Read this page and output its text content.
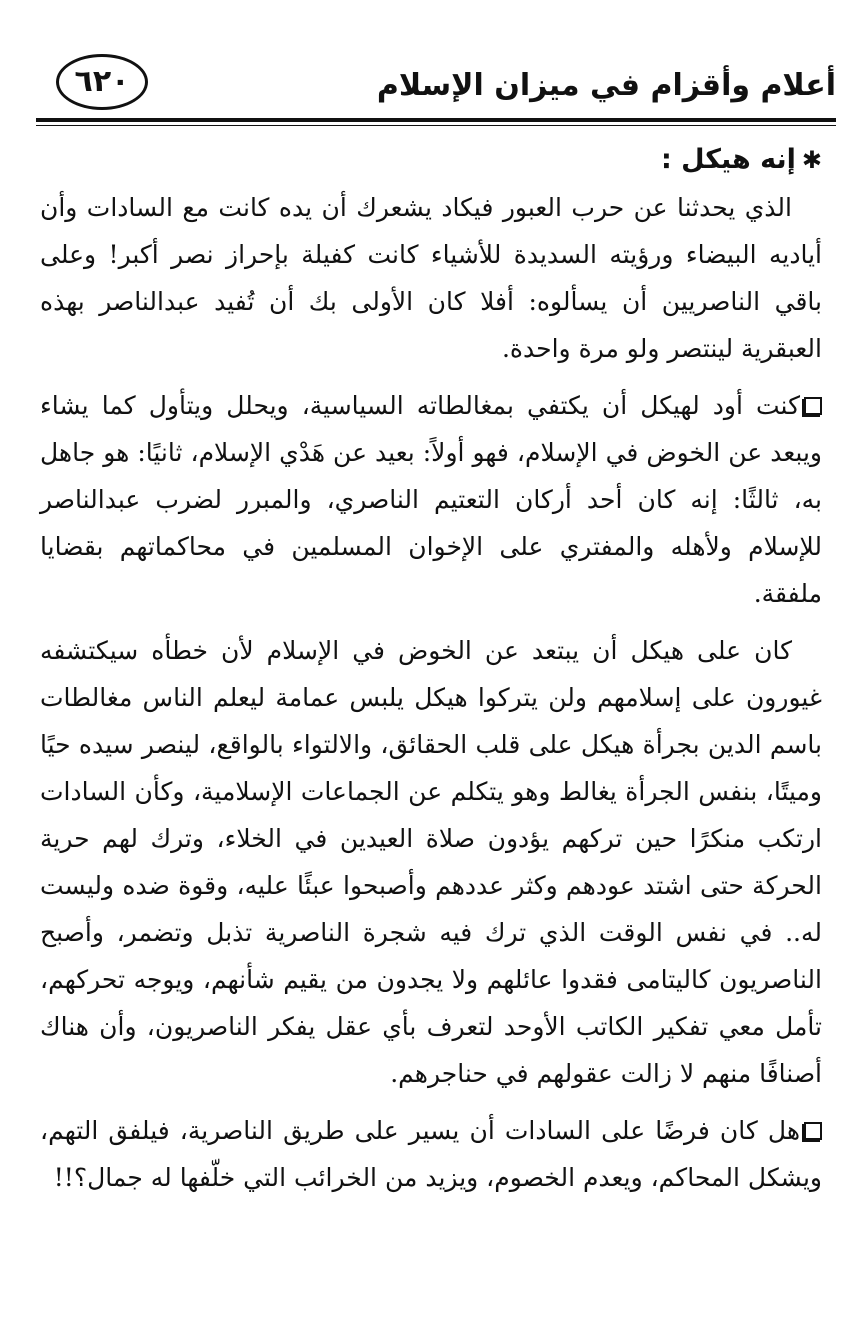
٦٢٠	أعلام وأقزام في ميزان الإسلام
✱إنه هيكل :

الذي يحدثنا عن حرب العبور فيكاد يشعرك أن يده كانت مع السادات وأن أياديه البيضاء ورؤيته السديدة للأشياء كانت كفيلة بإحراز نصر أكبر! وعلى باقي الناصريين أن يسألوه: أفلا كان الأولى بك أن تُفيد عبدالناصر بهذه العبقرية لينتصر ولو مرة واحدة.

كنت أود لهيكل أن يكتفي بمغالطاته السياسية، ويحلل ويتأول كما يشاء ويبعد عن الخوض في الإسلام، فهو أولاً: بعيد عن هَدْي الإسلام، ثانيًا: هو جاهل به، ثالثًا: إنه كان أحد أركان التعتيم الناصري، والمبرر لضرب عبدالناصر للإسلام ولأهله والمفتري على الإخوان المسلمين في محاكماتهم بقضايا ملفقة.

كان على هيكل أن يبتعد عن الخوض في الإسلام لأن خطأه سيكتشفه غيورون على إسلامهم ولن يتركوا هيكل يلبس عمامة ليعلم الناس مغالطات باسم الدين بجرأة هيكل على قلب الحقائق، والالتواء بالواقع، لينصر سيده حيًا وميتًا، بنفس الجرأة يغالط وهو يتكلم عن الجماعات الإسلامية، وكأن السادات ارتكب منكرًا حين تركهم يؤدون صلاة العيدين في الخلاء، وترك لهم حرية الحركة حتى اشتد عودهم وكثر عددهم وأصبحوا عبئًا عليه، وقوة ضده وليست له.. في نفس الوقت الذي ترك فيه شجرة الناصرية تذبل وتضمر، وأصبح الناصريون كاليتامى فقدوا عائلهم ولا يجدون من يقيم شأنهم، ويوجه تحركهم، تأمل معي تفكير الكاتب الأوحد لتعرف بأي عقل يفكر الناصريون، وأن هناك أصنافًا منهم لا زالت عقولهم في حناجرهم.

هل كان فرضًا على السادات أن يسير على طريق الناصرية، فيلفق التهم، ويشكل المحاكم، ويعدم الخصوم، ويزيد من الخرائب التي خلّفها له جمال؟!!
